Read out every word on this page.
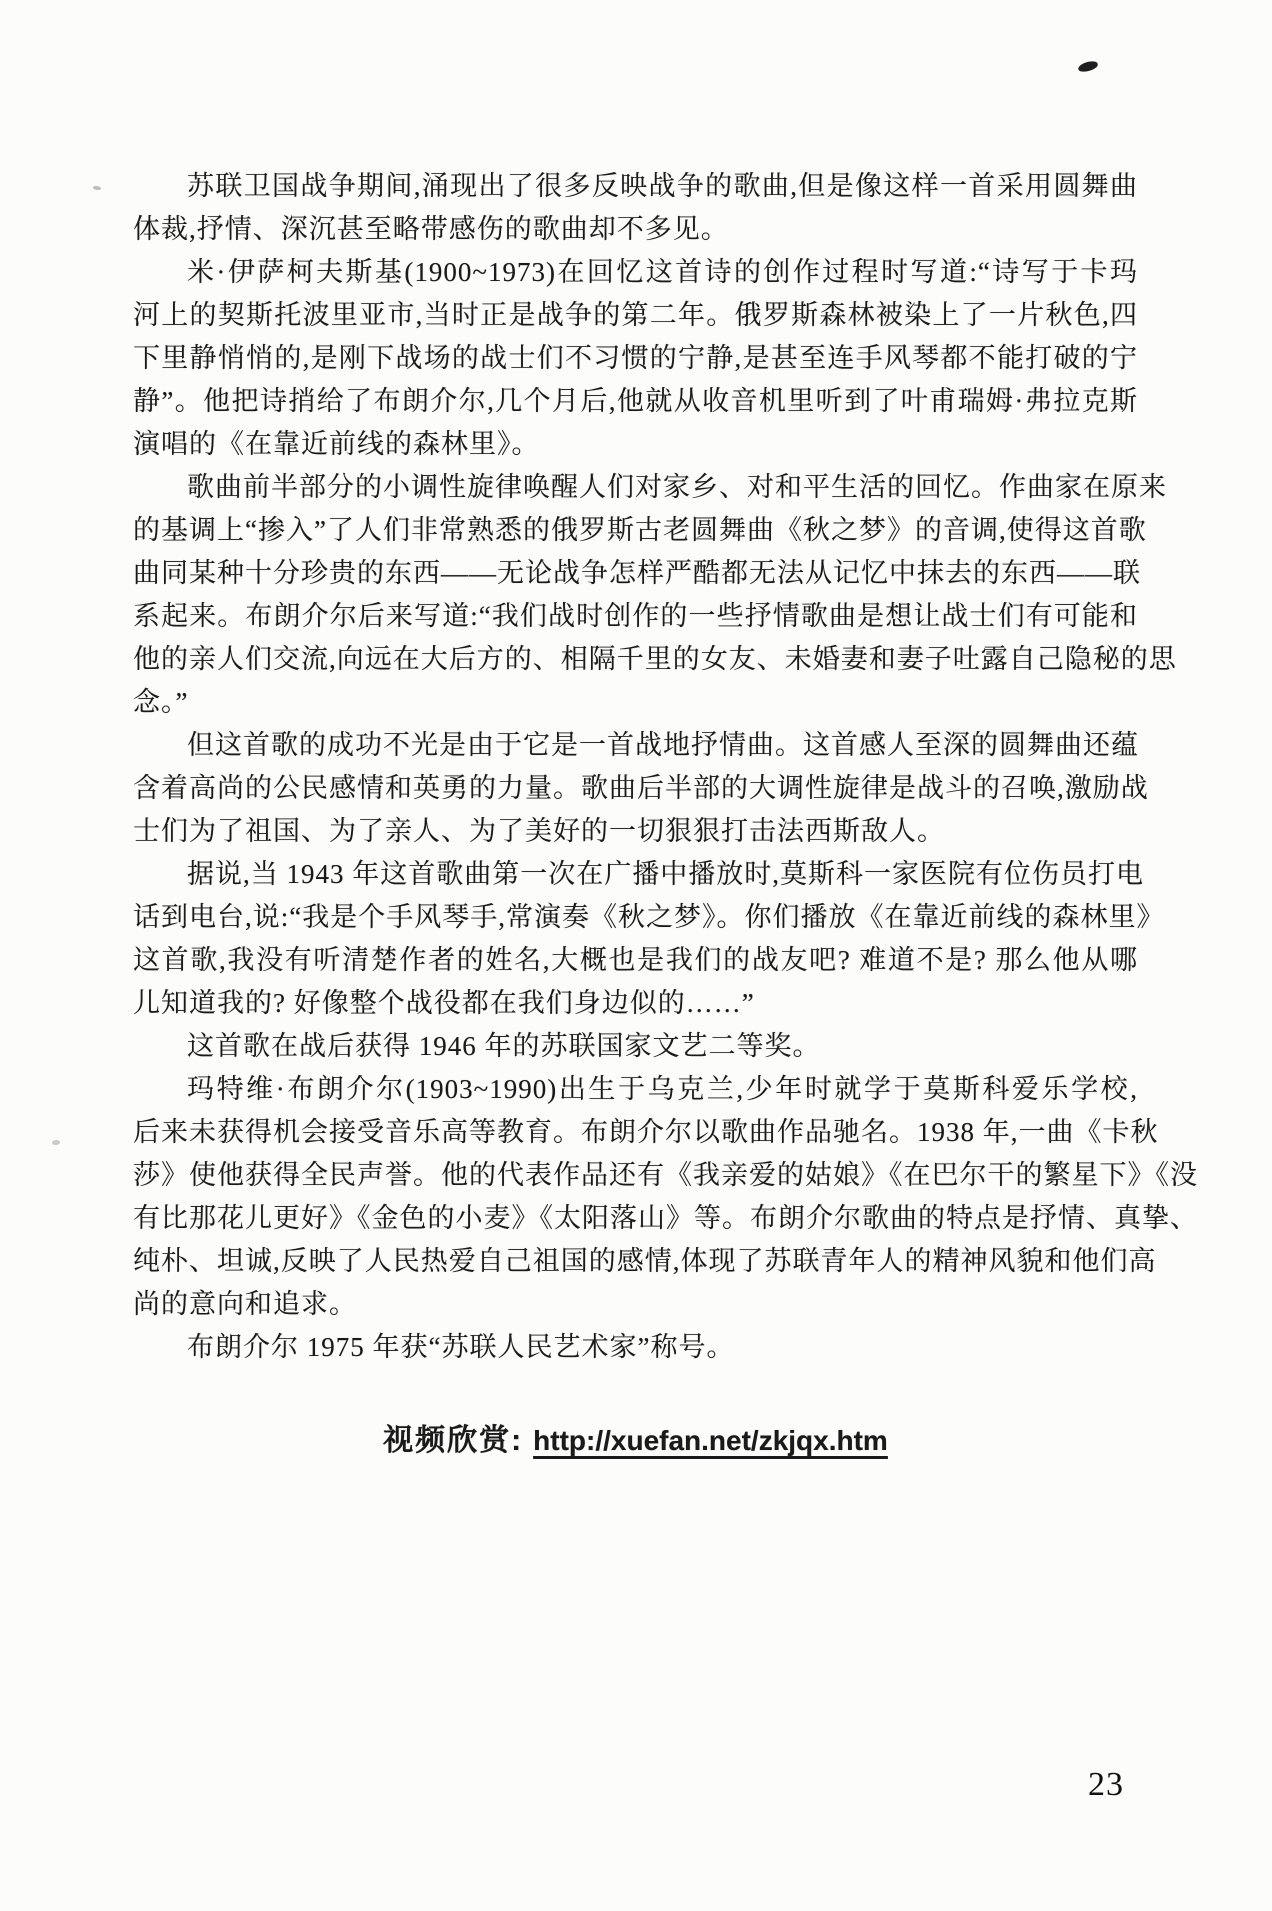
苏联卫国战争期间,涌现出了很多反映战争的歌曲,但是像这样一首采用圆舞曲
体裁,抒情、深沉甚至略带感伤的歌曲却不多见。
米·伊萨柯夫斯基(1900~1973)在回忆这首诗的创作过程时写道:“诗写于卡玛
河上的契斯托波里亚市,当时正是战争的第二年。俄罗斯森林被染上了一片秋色,四
下里静悄悄的,是刚下战场的战士们不习惯的宁静,是甚至连手风琴都不能打破的宁
静”。他把诗捎给了布朗介尔,几个月后,他就从收音机里听到了叶甫瑞姆·弗拉克斯
演唱的《在靠近前线的森林里》。
歌曲前半部分的小调性旋律唤醒人们对家乡、对和平生活的回忆。作曲家在原来
的基调上“掺入”了人们非常熟悉的俄罗斯古老圆舞曲《秋之梦》的音调,使得这首歌
曲同某种十分珍贵的东西——无论战争怎样严酷都无法从记忆中抹去的东西——联
系起来。布朗介尔后来写道:“我们战时创作的一些抒情歌曲是想让战士们有可能和
他的亲人们交流,向远在大后方的、相隔千里的女友、未婚妻和妻子吐露自己隐秘的思
念。”
但这首歌的成功不光是由于它是一首战地抒情曲。这首感人至深的圆舞曲还蕴
含着高尚的公民感情和英勇的力量。歌曲后半部的大调性旋律是战斗的召唤,激励战
士们为了祖国、为了亲人、为了美好的一切狠狠打击法西斯敌人。
据说,当 1943 年这首歌曲第一次在广播中播放时,莫斯科一家医院有位伤员打电
话到电台,说:“我是个手风琴手,常演奏《秋之梦》。你们播放《在靠近前线的森林里》
这首歌,我没有听清楚作者的姓名,大概也是我们的战友吧? 难道不是? 那么他从哪
儿知道我的? 好像整个战役都在我们身边似的……”
这首歌在战后获得 1946 年的苏联国家文艺二等奖。
玛特维·布朗介尔(1903~1990)出生于乌克兰,少年时就学于莫斯科爱乐学校,
后来未获得机会接受音乐高等教育。布朗介尔以歌曲作品驰名。1938 年,一曲《卡秋
莎》使他获得全民声誉。他的代表作品还有《我亲爱的姑娘》《在巴尔干的繁星下》《没
有比那花儿更好》《金色的小麦》《太阳落山》等。布朗介尔歌曲的特点是抒情、真挚、
纯朴、坦诚,反映了人民热爱自己祖国的感情,体现了苏联青年人的精神风貌和他们高
尚的意向和追求。
布朗介尔 1975 年获“苏联人民艺术家”称号。
视频欣赏: http://xuefan.net/zkjqx.htm
23
